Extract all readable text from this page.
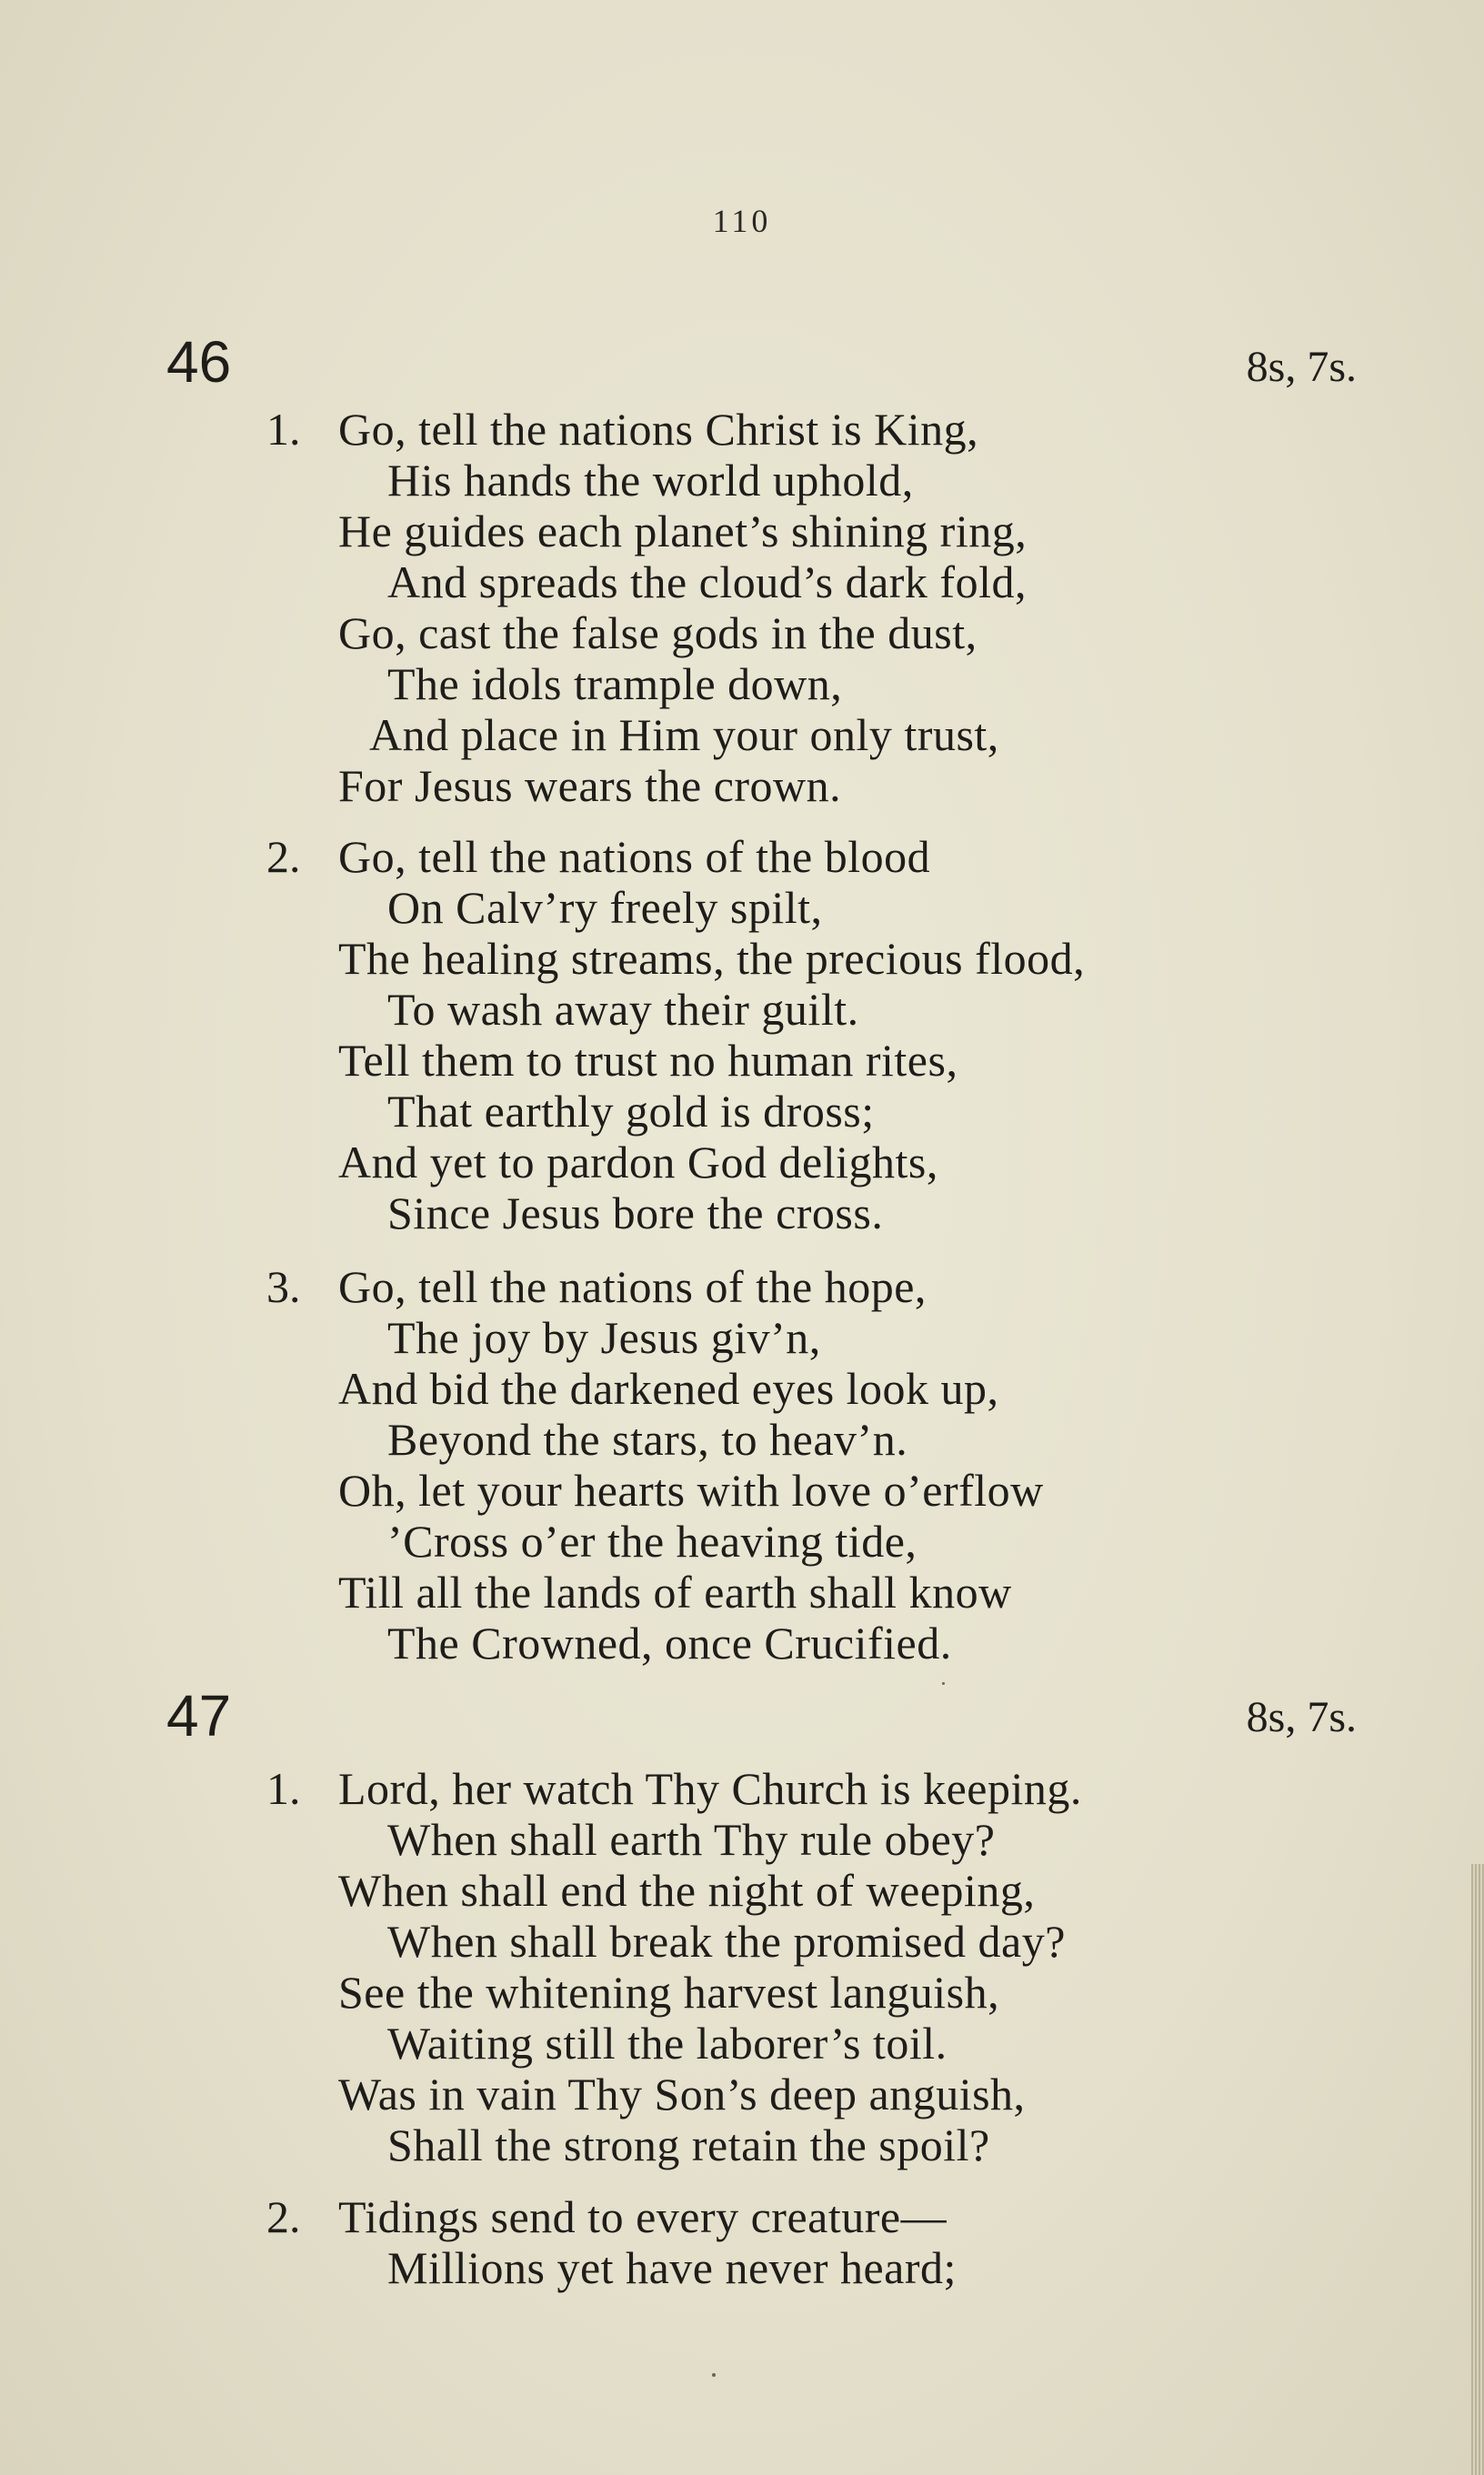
110
46	8s, 7s.
1. Go, tell the nations Christ is King,
His hands the world uphold,
He guides each planet’s shining ring,
And spreads the cloud’s dark fold,
Go, cast the false gods in the dust,
The idols trample down,
And place in Him your only trust,
For Jesus wears the crown.
2. Go, tell the nations of the blood
On Calv’ry freely spilt,
The healing streams, the precious flood,
To wash away their guilt.
Tell them to trust no human rites,
That earthly gold is dross;
And yet to pardon God delights,
Since Jesus bore the cross.
3. Go, tell the nations of the hope,
The joy by Jesus giv’n,
And bid the darkened eyes look up,
Beyond the stars, to heav’n.
Oh, let your hearts with love o’erflow
’Cross o’er the heaving tide,
Till all the lands of earth shall know
The Crowned, once Crucified.
47	8s, 7s.
1. Lord, her watch Thy Church is keeping.
When shall earth Thy rule obey?
When shall end the night of weeping,
When shall break the promised day?
See the whitening harvest languish,
Waiting still the laborer’s toil.
Was in vain Thy Son’s deep anguish,
Shall the strong retain the spoil?
2. Tidings send to every creature—
Millions yet have never heard;
